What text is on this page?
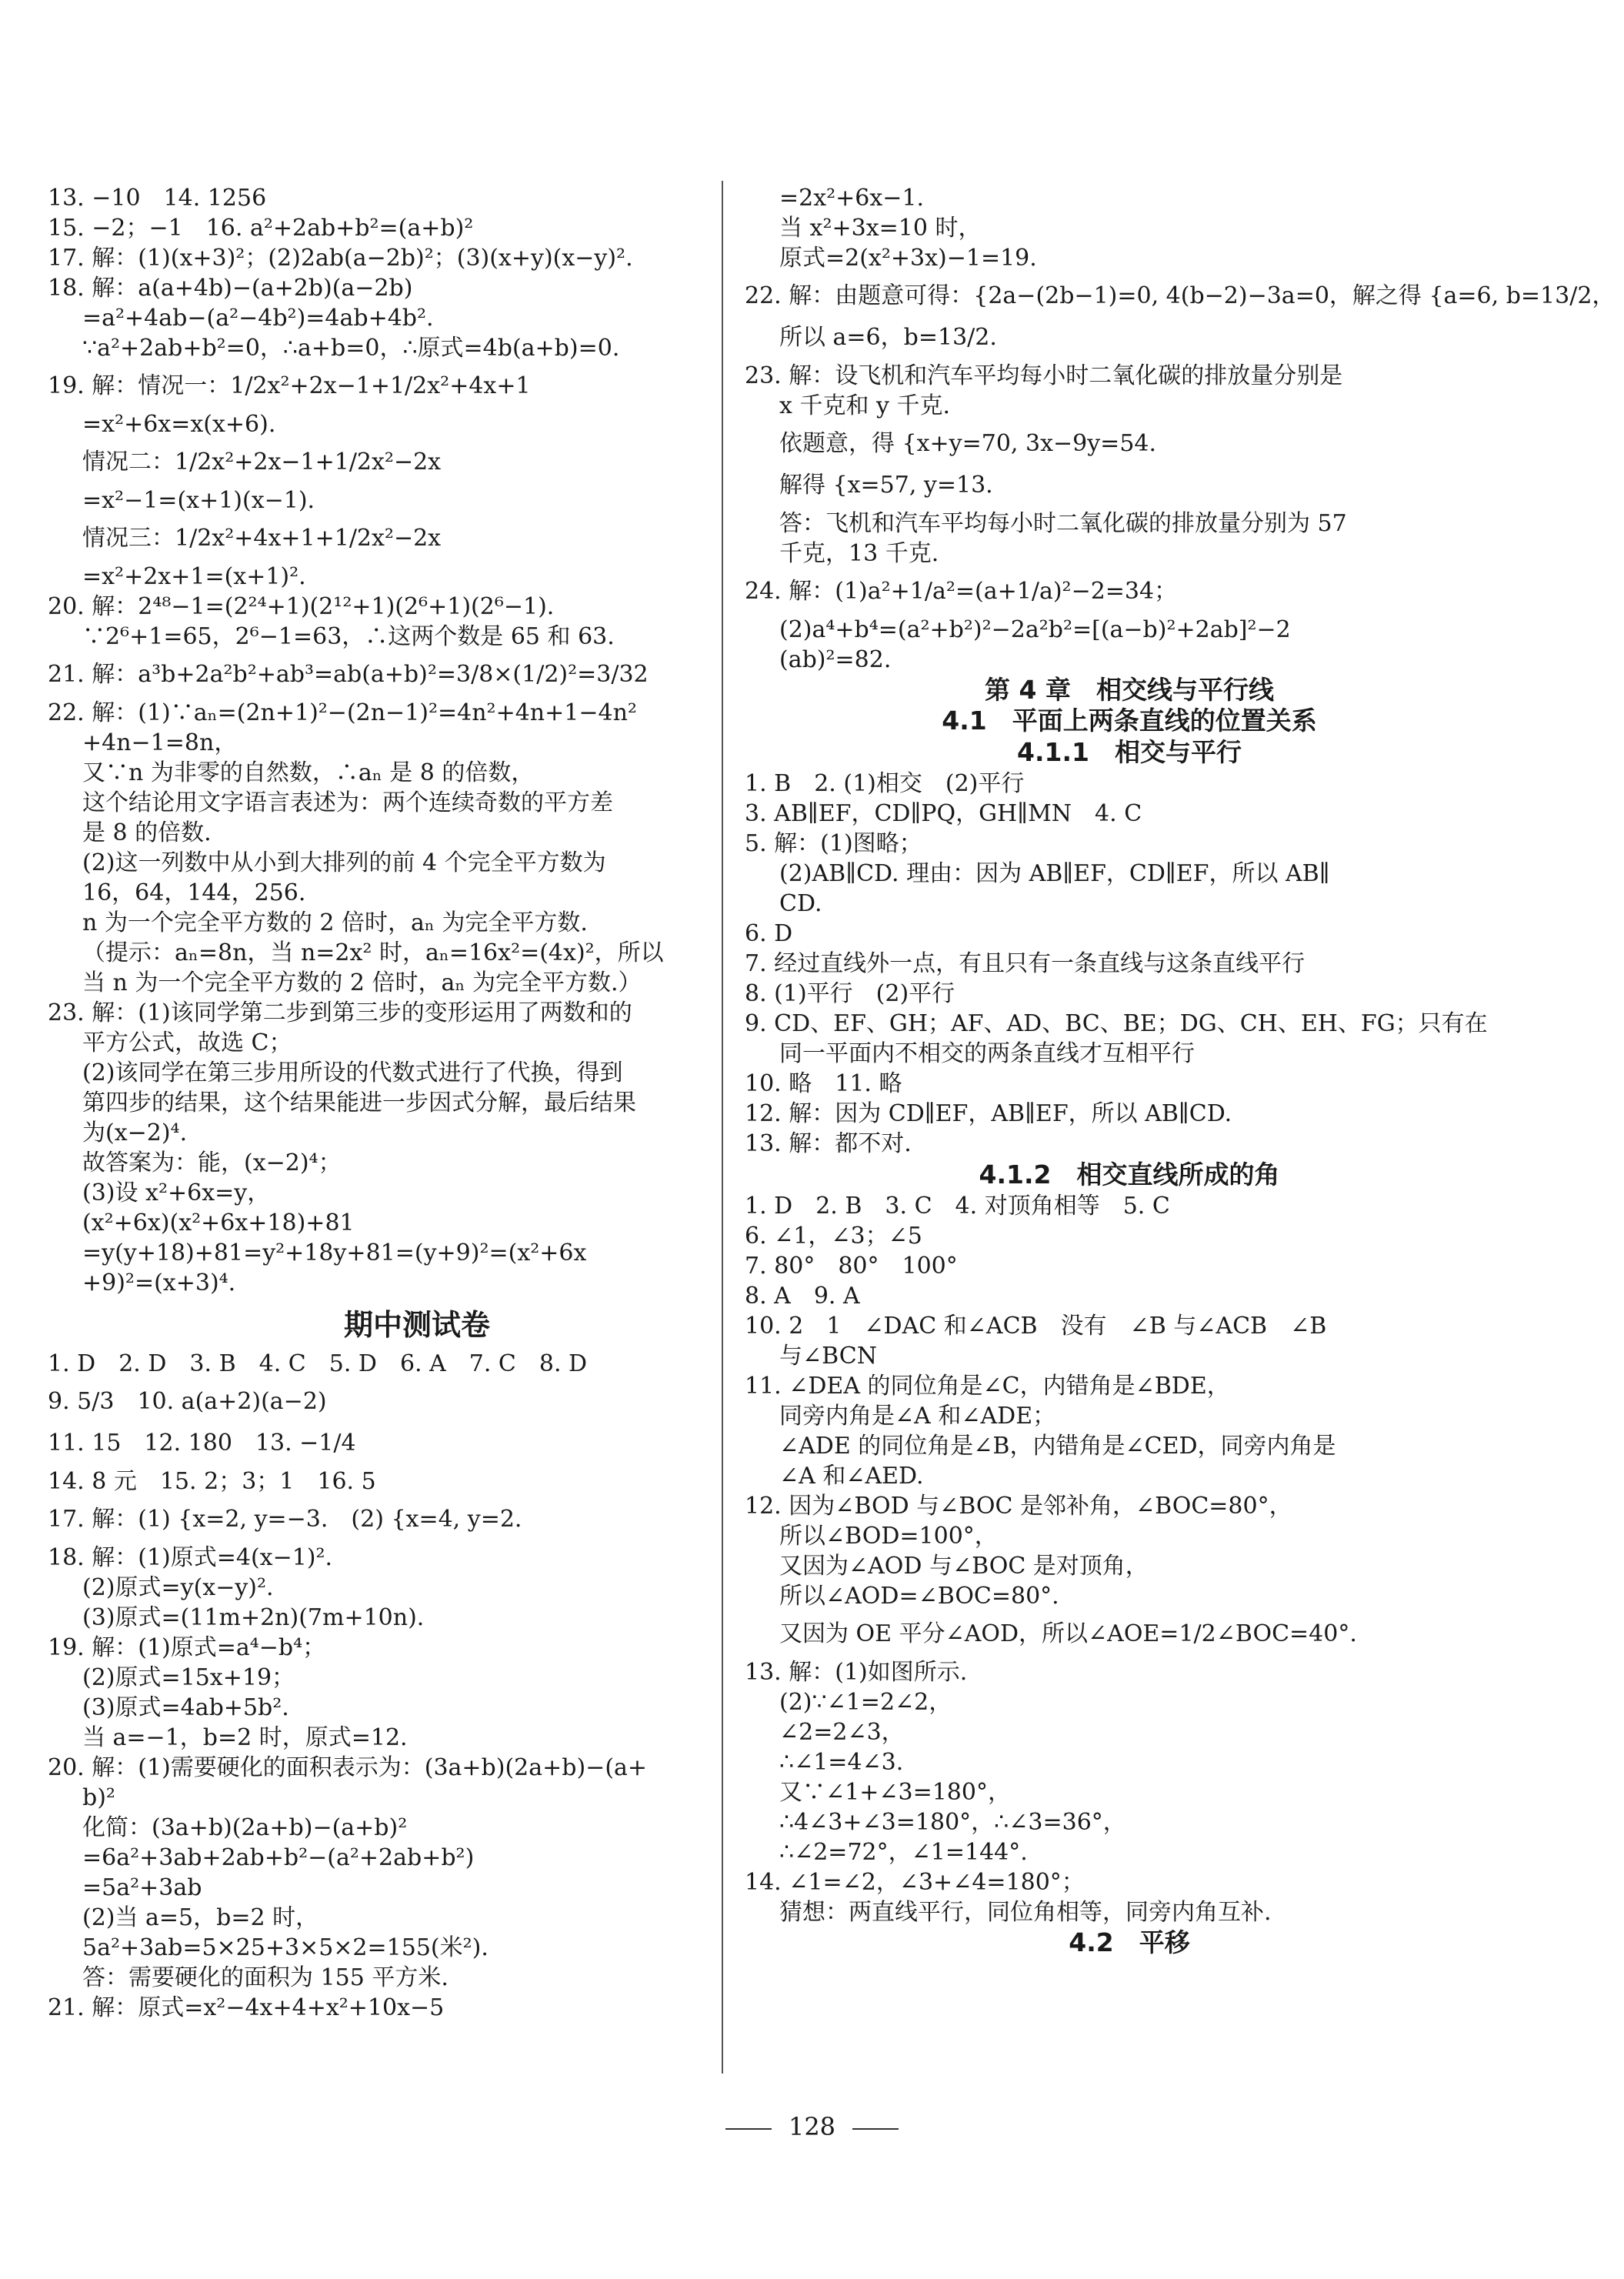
13. −10　14. 1256
15. −2；−1　16. a²+2ab+b²=(a+b)²
17. 解：(1)(x+3)²；(2)2ab(a−2b)²；(3)(x+y)(x−y)².
18. 解：a(a+4b)−(a+2b)(a−2b)
=a²+4ab−(a²−4b²)=4ab+4b².
∵a²+2ab+b²=0，∴a+b=0，∴原式=4b(a+b)=0.
19. 解：情况一：1/2x²+2x−1+1/2x²+4x+1
=x²+6x=x(x+6).
情况二：1/2x²+2x−1+1/2x²−2x
=x²−1=(x+1)(x−1).
情况三：1/2x²+4x+1+1/2x²−2x
=x²+2x+1=(x+1)².
20. 解：2⁴⁸−1=(2²⁴+1)(2¹²+1)(2⁶+1)(2⁶−1).
∵2⁶+1=65，2⁶−1=63，∴这两个数是 65 和 63.
21. 解：a³b+2a²b²+ab³=ab(a+b)²=3/8×(1/2)²=3/32
22. 解：(1)∵aₙ=(2n+1)²−(2n−1)²=4n²+4n+1−4n²
+4n−1=8n，
又∵n 为非零的自然数，∴aₙ 是 8 的倍数，
这个结论用文字语言表述为：两个连续奇数的平方差
是 8 的倍数.
(2)这一列数中从小到大排列的前 4 个完全平方数为
16，64，144，256.
n 为一个完全平方数的 2 倍时，aₙ 为完全平方数.
（提示：aₙ=8n，当 n=2x² 时，aₙ=16x²=(4x)²，所以
当 n 为一个完全平方数的 2 倍时，aₙ 为完全平方数.）
23. 解：(1)该同学第二步到第三步的变形运用了两数和的
平方公式，故选 C；
(2)该同学在第三步用所设的代数式进行了代换，得到
第四步的结果，这个结果能进一步因式分解，最后结果
为(x−2)⁴.
故答案为：能，(x−2)⁴；
(3)设 x²+6x=y，
(x²+6x)(x²+6x+18)+81
=y(y+18)+81=y²+18y+81=(y+9)²=(x²+6x
+9)²=(x+3)⁴.
期中测试卷
1. D　2. D　3. B　4. C　5. D　6. A　7. C　8. D
9. 5/3　10. a(a+2)(a−2)
11. 15　12. 180　13. −1/4
14. 8 元　15. 2；3；1　16. 5
17. 解：(1) {x=2, y=−3.　(2) {x=4, y=2.
18. 解：(1)原式=4(x−1)².
(2)原式=y(x−y)².
(3)原式=(11m+2n)(7m+10n).
19. 解：(1)原式=a⁴−b⁴；
(2)原式=15x+19；
(3)原式=4ab+5b².
当 a=−1，b=2 时，原式=12.
20. 解：(1)需要硬化的面积表示为：(3a+b)(2a+b)−(a+
b)²
化简：(3a+b)(2a+b)−(a+b)²
=6a²+3ab+2ab+b²−(a²+2ab+b²)
=5a²+3ab
(2)当 a=5，b=2 时，
5a²+3ab=5×25+3×5×2=155(米²).
答：需要硬化的面积为 155 平方米.
21. 解：原式=x²−4x+4+x²+10x−5
=2x²+6x−1.
当 x²+3x=10 时，
原式=2(x²+3x)−1=19.
22. 解：由题意可得：{2a−(2b−1)=0, 4(b−2)−3a=0，解之得 {a=6, b=13/2，
所以 a=6，b=13/2.
23. 解：设飞机和汽车平均每小时二氧化碳的排放量分别是
x 千克和 y 千克.
依题意，得 {x+y=70, 3x−9y=54.
解得 {x=57, y=13.
答：飞机和汽车平均每小时二氧化碳的排放量分别为 57
千克，13 千克.
24. 解：(1)a²+1/a²=(a+1/a)²−2=34；
(2)a⁴+b⁴=(a²+b²)²−2a²b²=[(a−b)²+2ab]²−2
(ab)²=82.
第 4 章　相交线与平行线
4.1　平面上两条直线的位置关系
4.1.1　相交与平行
1. B　2. (1)相交　(2)平行
3. AB∥EF，CD∥PQ，GH∥MN　4. C
5. 解：(1)图略；
(2)AB∥CD. 理由：因为 AB∥EF，CD∥EF，所以 AB∥
CD.
6. D
7. 经过直线外一点，有且只有一条直线与这条直线平行
8. (1)平行　(2)平行
9. CD、EF、GH；AF、AD、BC、BE；DG、CH、EH、FG；只有在
同一平面内不相交的两条直线才互相平行
10. 略　11. 略
12. 解：因为 CD∥EF，AB∥EF，所以 AB∥CD.
13. 解：都不对.
4.1.2　相交直线所成的角
1. D　2. B　3. C　4. 对顶角相等　5. C
6. ∠1，∠3；∠5
7. 80°　80°　100°
8. A　9. A
10. 2　1　∠DAC 和∠ACB　没有　∠B 与∠ACB　∠B
与∠BCN
11. ∠DEA 的同位角是∠C，内错角是∠BDE，
同旁内角是∠A 和∠ADE；
∠ADE 的同位角是∠B，内错角是∠CED，同旁内角是
∠A 和∠AED.
12. 因为∠BOD 与∠BOC 是邻补角，∠BOC=80°，
所以∠BOD=100°，
又因为∠AOD 与∠BOC 是对顶角，
所以∠AOD=∠BOC=80°.
又因为 OE 平分∠AOD，所以∠AOE=1/2∠BOC=40°.
13. 解：(1)如图所示.
(2)∵∠1=2∠2，
∠2=2∠3，
∴∠1=4∠3.
又∵∠1+∠3=180°，
∴4∠3+∠3=180°，∴∠3=36°，
∴∠2=72°，∠1=144°.
14. ∠1=∠2，∠3+∠4=180°；
猜想：两直线平行，同位角相等，同旁内角互补.
4.2　平移
128
